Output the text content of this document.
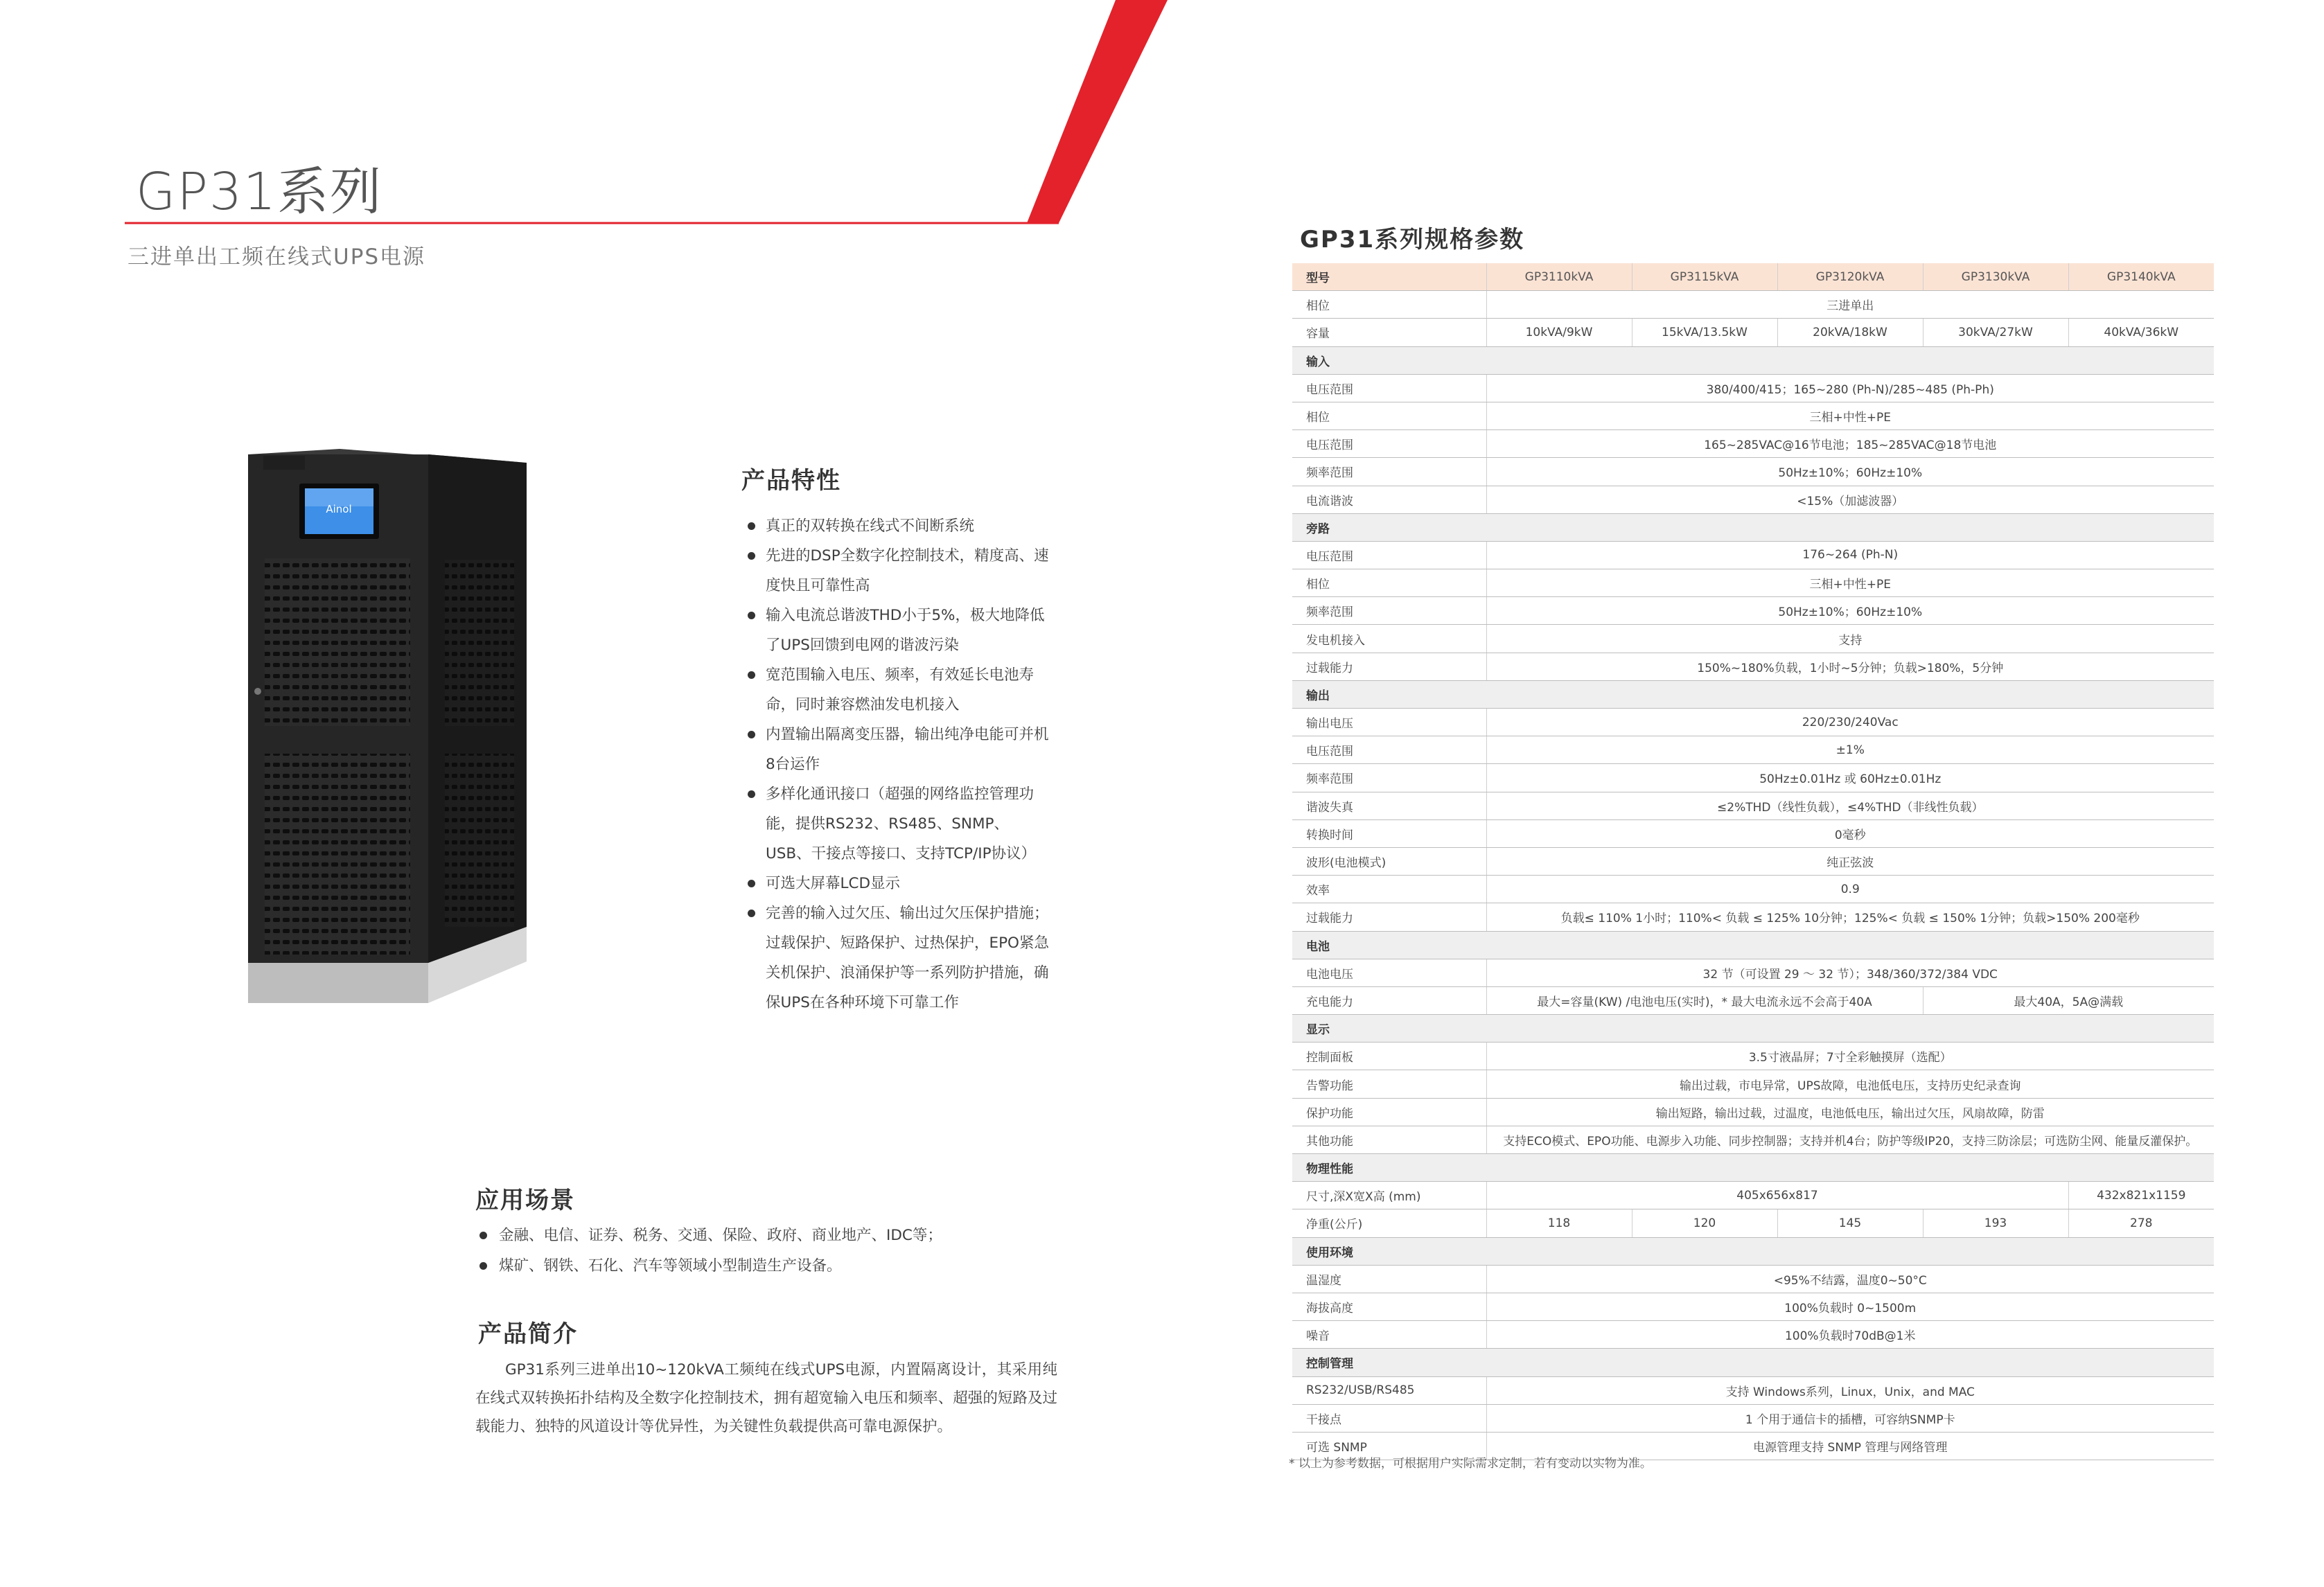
GP31系列
三进单出工频在线式UPS电源
Ainol
产品特性
真正的双转换在线式不间断系统
先进的DSP全数字化控制技术，精度高、速度快且可靠性高
输入电流总谐波THD小于5%，极大地降低了UPS回馈到电网的谐波污染
宽范围输入电压、频率，有效延长电池寿命，同时兼容燃油发电机接入
内置输出隔离变压器，输出纯净电能可并机8台运作
多样化通讯接口（超强的网络监控管理功能，提供RS232、RS485、SNMP、USB、干接点等接口、支持TCP/IP协议）
可选大屏幕LCD显示
完善的输入过欠压、输出过欠压保护措施；过载保护、短路保护、过热保护，EPO紧急关机保护、浪涌保护等一系列防护措施，确保UPS在各种环境下可靠工作
应用场景
金融、电信、证券、税务、交通、保险、政府、商业地产、IDC等；
煤矿、钢铁、石化、汽车等领域小型制造生产设备。
产品简介
GP31系列三进单出10~120kVA工频纯在线式UPS电源，内置隔离设计，其采用纯在线式双转换拓扑结构及全数字化控制技术，拥有超宽输入电压和频率、超强的短路及过载能力、独特的风道设计等优异性，为关键性负载提供高可靠电源保护。
GP31系列规格参数
型号	GP3110kVA	GP3115kVA	GP3120kVA	GP3130kVA	GP3140kVA
相位	三进单出				
容量	10kVA/9kW	15kVA/13.5kW	20kVA/18kW	30kVA/27kW	40kVA/36kW
输入					
电压范围	380/400/415；165~280 (Ph-N)/285~485 (Ph-Ph)				
相位	三相+中性+PE				
电压范围	165~285VAC@16节电池；185~285VAC@18节电池				
频率范围	50Hz±10%；60Hz±10%				
电流谐波	<15%（加滤波器）				
旁路					
电压范围	176~264 (Ph-N)				
相位	三相+中性+PE				
频率范围	50Hz±10%；60Hz±10%				
发电机接入	支持				
过载能力	150%~180%负载，1小时~5分钟；负载>180%，5分钟				
输出					
输出电压	220/230/240Vac				
电压范围	±1%				
频率范围	50Hz±0.01Hz 或 60Hz±0.01Hz				
谐波失真	≤2%THD（线性负载），≤4%THD（非线性负载）				
转换时间	0毫秒				
波形(电池模式)	纯正弦波				
效率	0.9				
过载能力	负载≤ 110% 1小时；110%< 负载 ≤ 125% 10分钟；125%< 负载 ≤ 150% 1分钟；负载>150% 200毫秒				
电池					
电池电压	32 节（可设置 29 ～ 32 节）；348/360/372/384 VDC				
充电能力	最大=容量(KW) /电池电压(实时)，* 最大电流永远不会高于40A			最大40A，5A@满载	
显示					
控制面板	3.5寸液晶屏；7寸全彩触摸屏（选配）				
告警功能	输出过载，市电异常，UPS故障，电池低电压，支持历史纪录查询				
保护功能	输出短路，输出过载，过温度，电池低电压，输出过欠压，风扇故障，防雷				
其他功能	支持ECO模式、EPO功能、电源步入功能、同步控制器；支持并机4台；防护等级IP20，支持三防涂层；可选防尘网、能量反灌保护。				
物理性能					
尺寸,深X宽X高 (mm)	405x656x817				432x821x1159
净重(公斤)	118	120	145	193	278
使用环境					
温湿度	<95%不结露，温度0~50°C				
海拔高度	100%负载时 0~1500m				
噪音	100%负载时70dB@1米				
控制管理					
RS232/USB/RS485	支持 Windows系列，Linux，Unix，and MAC				
干接点	1 个用于通信卡的插槽，可容纳SNMP卡				
可选 SNMP	电源管理支持 SNMP 管理与网络管理				
* 以上为参考数据，可根据用户实际需求定制，若有变动以实物为准。
